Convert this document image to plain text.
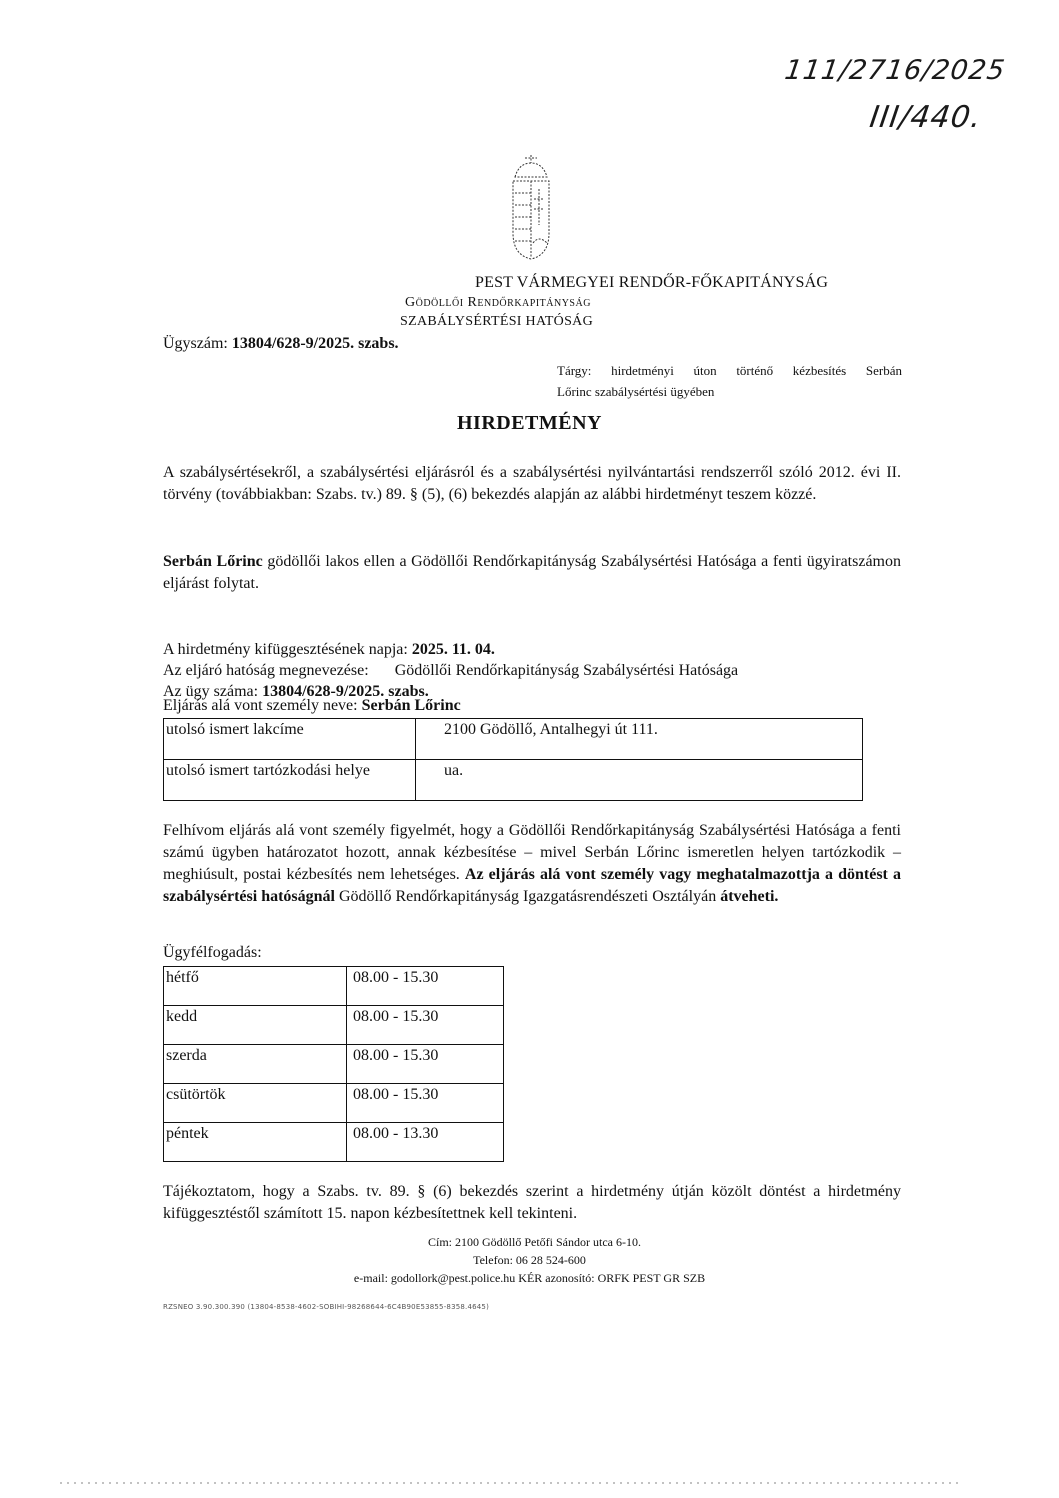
111/2716/2025
III/440.
PEST VÁRMEGYEI RENDŐR-FŐKAPITÁNYSÁG
Gödöllői Rendőrkapitányság
SZABÁLYSÉRTÉSI HATÓSÁG
Ügyszám: 13804/628-9/2025. szabs.
Tárgy: hirdetményi úton történő kézbesítés Serbán
Lőrinc szabálysértési ügyében
HIRDETMÉNY
A szabálysértésekről, a szabálysértési eljárásról és a szabálysértési nyilvántartási rendszerről szóló 2012. évi II. törvény (továbbiakban: Szabs. tv.) 89. § (5), (6) bekezdés alapján az alábbi hirdetményt teszem közzé.
Serbán Lőrinc gödöllői lakos ellen a Gödöllői Rendőrkapitányság Szabálysértési Hatósága a fenti ügyiratszámon eljárást folytat.
A hirdetmény kifüggesztésének napja: 2025. 11. 04.
Az eljáró hatóság megnevezése: Gödöllői Rendőrkapitányság Szabálysértési Hatósága
Az ügy száma: 13804/628-9/2025. szabs.
Eljárás alá vont személy neve: Serbán Lőrinc
utolsó ismert lakcíme	2100 Gödöllő, Antalhegyi út 111.
utolsó ismert tartózkodási helye	ua.
Felhívom eljárás alá vont személy figyelmét, hogy a Gödöllői Rendőrkapitányság Szabálysértési Hatósága a fenti számú ügyben határozatot hozott, annak kézbesítése – mivel Serbán Lőrinc ismeretlen helyen tartózkodik – meghiúsult, postai kézbesítés nem lehetséges. Az eljárás alá vont személy vagy meghatalmazottja a döntést a szabálysértési hatóságnál Gödöllő Rendőrkapitányság Igazgatásrendészeti Osztályán átveheti.
Ügyfélfogadás:
hétfő	08.00 - 15.30
kedd	08.00 - 15.30
szerda	08.00 - 15.30
csütörtök	08.00 - 15.30
péntek	08.00 - 13.30
Tájékoztatom, hogy a Szabs. tv. 89. § (6) bekezdés szerint a hirdetmény útján közölt döntést a hirdetmény kifüggesztéstől számított 15. napon kézbesítettnek kell tekinteni.
Cím: 2100 Gödöllő Petőfi Sándor utca 6-10.
Telefon: 06 28 524-600
e-mail: godollork@pest.police.hu KÉR azonosító: ORFK PEST GR SZB
RZSNEO 3.90.300.390 (13804-8538-4602-SOBIHI-98268644-6C4B90E53855-8358.4645)
